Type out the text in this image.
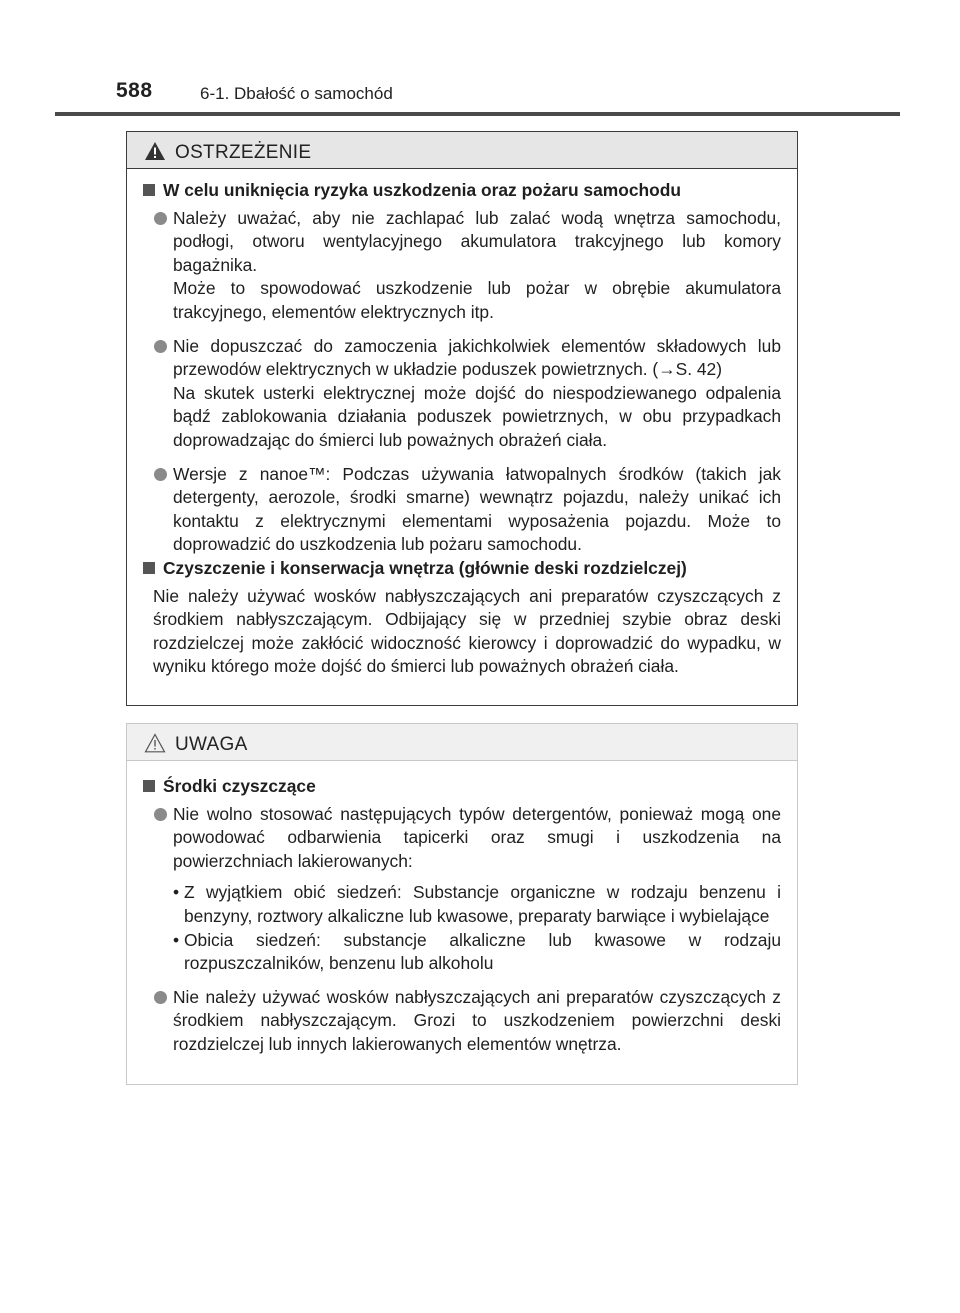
588	6-1. Dbałość o samochód
OSTRZEŻENIE
W celu uniknięcia ryzyka uszkodzenia oraz pożaru samochodu

Należy uważać, aby nie zachlapać lub zalać wodą wnętrza samochodu, podłogi, otworu wentylacyjnego akumulatora trakcyjnego lub komory bagażnika.

Może to spowodować uszkodzenie lub pożar w obrębie akumulatora trakcyjnego, elementów elektrycznych itp.

Nie dopuszczać do zamoczenia jakichkolwiek elementów składowych lub przewodów elektrycznych w układzie poduszek powietrznych. (→S. 42)

Na skutek usterki elektrycznej może dojść do niespodziewanego odpalenia bądź zablokowania działania poduszek powietrznych, w obu przypadkach doprowadzając do śmierci lub poważnych obrażeń ciała.

Wersje z nanoe™: Podczas używania łatwopalnych środków (takich jak detergenty, aerozole, środki smarne) wewnątrz pojazdu, należy unikać ich kontaktu z elektrycznymi elementami wyposażenia pojazdu. Może to doprowadzić do uszkodzenia lub pożaru samochodu.

Czyszczenie i konserwacja wnętrza (głównie deski rozdzielczej)
Nie należy używać wosków nabłyszczających ani preparatów czyszczących z środkiem nabłyszczającym. Odbijający się w przedniej szybie obraz deski rozdzielczej może zakłócić widoczność kierowcy i doprowadzić do wypadku, w wyniku którego może dojść do śmierci lub poważnych obrażeń ciała.
UWAGA
Środki czyszczące

Nie wolno stosować następujących typów detergentów, ponieważ mogą one powodować odbarwienia tapicerki oraz smugi i uszkodzenia na powierzchniach lakierowanych:

• Z wyjątkiem obić siedzeń: Substancje organiczne w rodzaju benzenu i benzyny, roztwory alkaliczne lub kwasowe, preparaty barwiące i wybielające
• Obicia siedzeń: substancje alkaliczne lub kwasowe w rodzaju rozpuszczalników, benzenu lub alkoholu

Nie należy używać wosków nabłyszczających ani preparatów czyszczących z środkiem nabłyszczającym. Grozi to uszkodzeniem powierzchni deski rozdzielczej lub innych lakierowanych elementów wnętrza.
